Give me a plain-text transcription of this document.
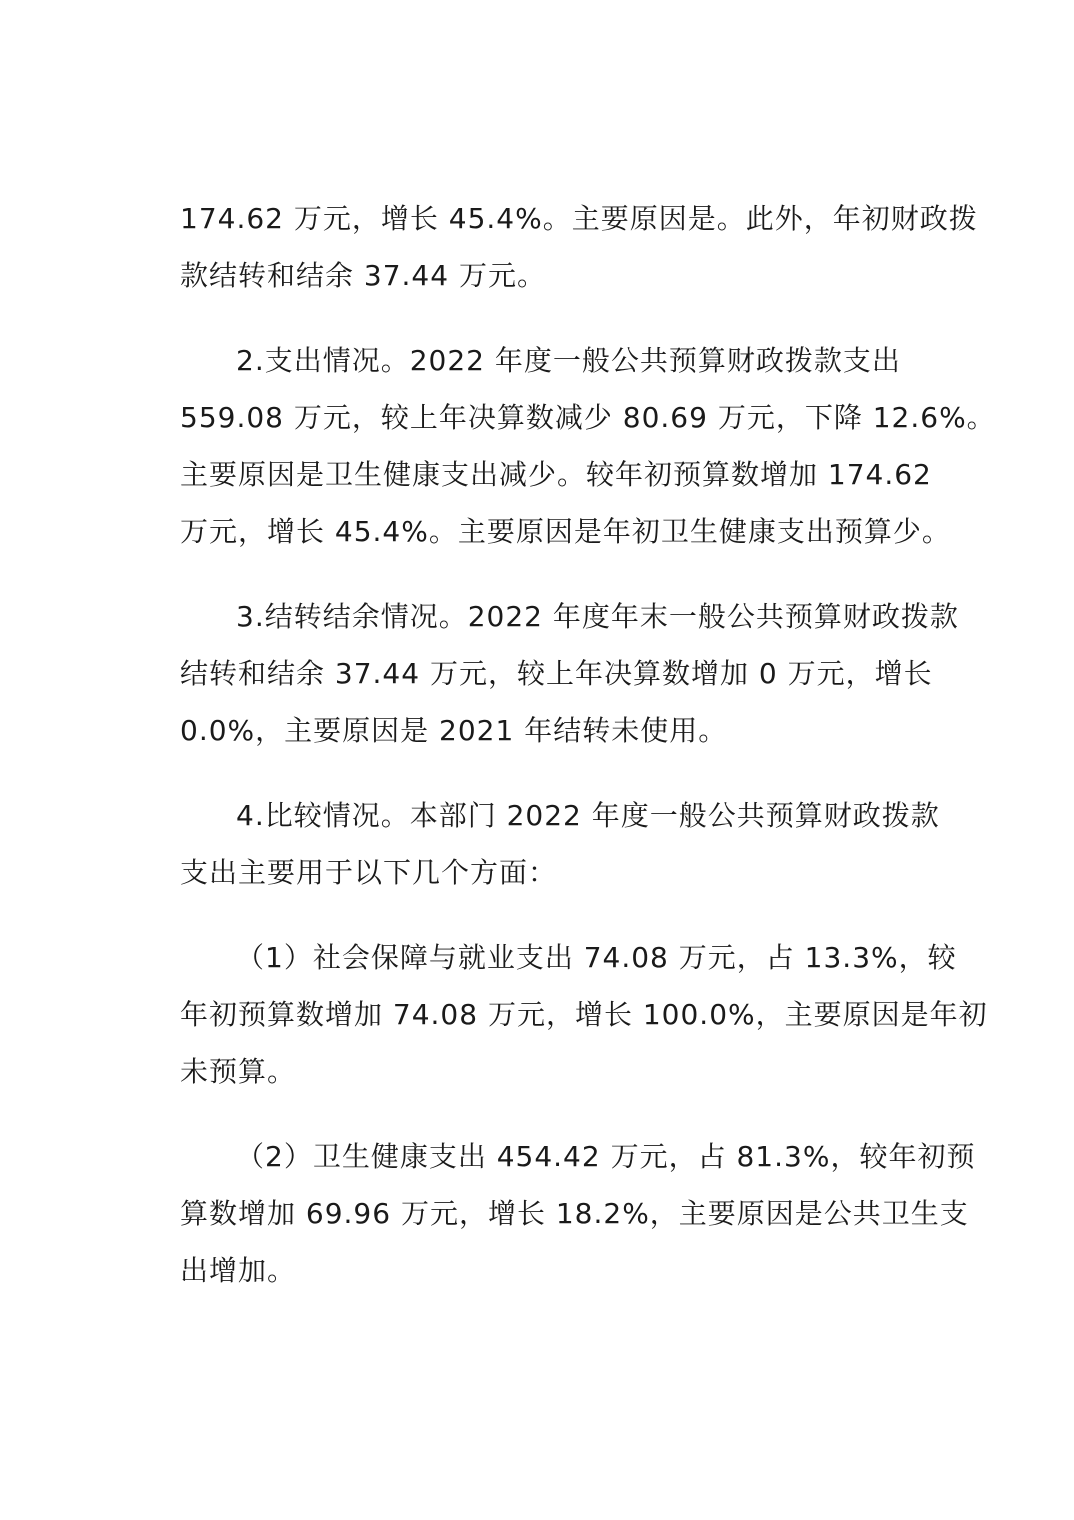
174.62 万元，增长 45.4%。主要原因是。此外，年初财政拨
款结转和结余 37.44 万元。

2.支出情况。2022 年度一般公共预算财政拨款支出
559.08 万元，较上年决算数减少 80.69 万元，下降 12.6%。
主要原因是卫生健康支出减少。较年初预算数增加 174.62
万元，增长 45.4%。主要原因是年初卫生健康支出预算少。

3.结转结余情况。2022 年度年末一般公共预算财政拨款
结转和结余 37.44 万元，较上年决算数增加 0 万元，增长
0.0%，主要原因是 2021 年结转未使用。

4.比较情况。本部门 2022 年度一般公共预算财政拨款
支出主要用于以下几个方面：

（1）社会保障与就业支出 74.08 万元，占 13.3%，较
年初预算数增加 74.08 万元，增长 100.0%，主要原因是年初
未预算。

（2）卫生健康支出 454.42 万元，占 81.3%，较年初预
算数增加 69.96 万元，增长 18.2%，主要原因是公共卫生支
出增加。
